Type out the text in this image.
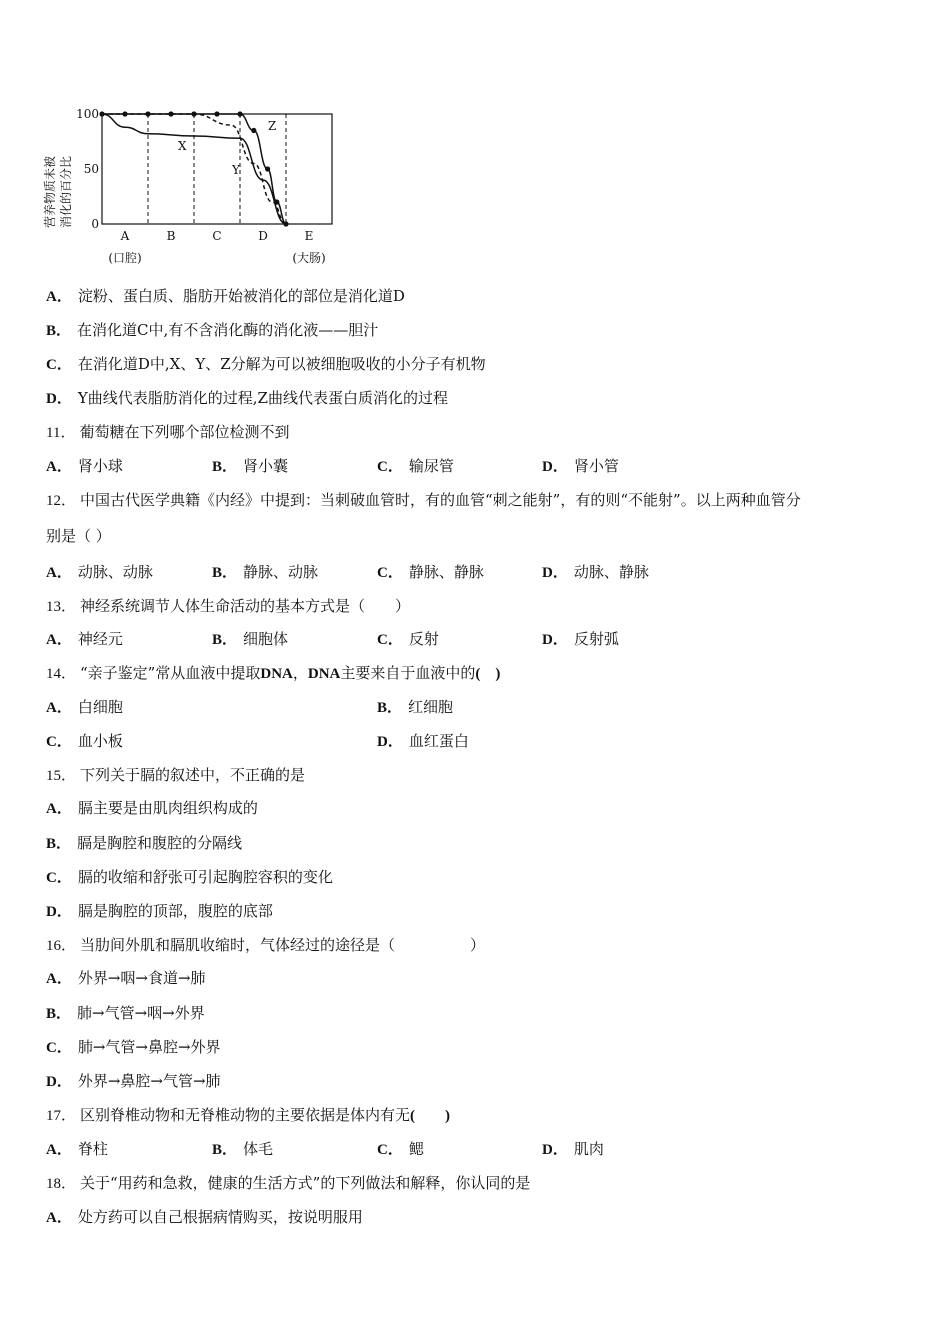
营养物质未被 消化的百分比
100
50
0
A
(口腔)
B	C	D	E
(大肠)
X
Y
Z
A． 淀粉、蛋白质、脂肪开始被消化的部位是消化道D
B． 在消化道C中,有不含消化酶的消化液——胆汁
C． 在消化道D中,X、Y、Z分解为可以被细胞吸收的小分子有机物
D． Y曲线代表脂肪消化的过程,Z曲线代表蛋白质消化的过程
11． 葡萄糖在下列哪个部位检测不到
A． 肾小球	B． 肾小囊	C． 输尿管	D． 肾小管
12． 中国古代医学典籍《内经》中提到：当刺破血管时，有的血管“刺之能射”，有的则“不能射”。以上两种血管分
别是（ ）
A． 动脉、动脉	B． 静脉、动脉	C． 静脉、静脉	D． 动脉、静脉
13． 神经系统调节人体生命活动的基本方式是（　　）
A． 神经元	B． 细胞体	C． 反射	D． 反射弧
14． “亲子鉴定”常从血液中提取DNA，DNA主要来自于血液中的(　)
A． 白细胞	B． 红细胞
C． 血小板	D． 血红蛋白
15． 下列关于膈的叙述中，不正确的是
A． 膈主要是由肌肉组织构成的
B． 膈是胸腔和腹腔的分隔线
C． 膈的收缩和舒张可引起胸腔容积的变化
D． 膈是胸腔的顶部，腹腔的底部
16． 当肋间外肌和膈肌收缩时，气体经过的途径是（　　　　　）
A． 外界→咽→食道→肺
B． 肺→气管→咽→外界
C． 肺→气管→鼻腔→外界
D． 外界→鼻腔→气管→肺
17． 区别脊椎动物和无脊椎动物的主要依据是体内有无(　　)
A． 脊柱	B． 体毛	C． 鳃	D． 肌肉
18． 关于“用药和急救，健康的生活方式”的下列做法和解释，你认同的是
A． 处方药可以自己根据病情购买，按说明服用
